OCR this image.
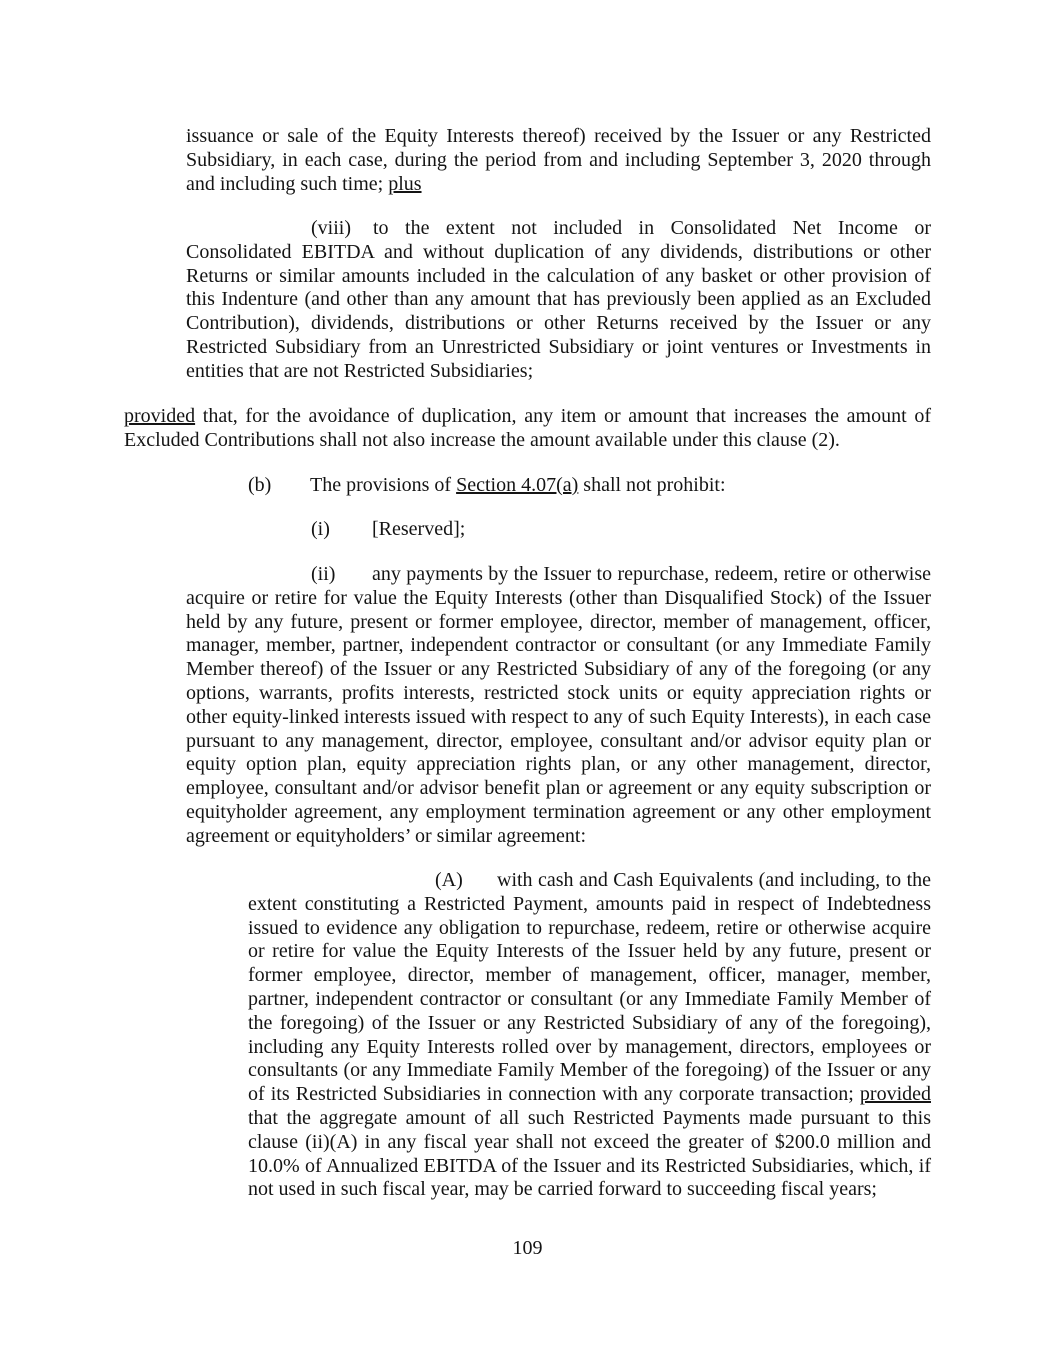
issuance or sale of the Equity Interests thereof) received by the Issuer or any Restricted Subsidiary, in each case, during the period from and including September 3, 2020 through and including such time; plus

(viii) to the extent not included in Consolidated Net Income or Consolidated EBITDA and without duplication of any dividends, distributions or other Returns or similar amounts included in the calculation of any basket or other provision of this Indenture (and other than any amount that has previously been applied as an Excluded Contribution), dividends, distributions or other Returns received by the Issuer or any Restricted Subsidiary from an Unrestricted Subsidiary or joint ventures or Investments in entities that are not Restricted Subsidiaries;

provided that, for the avoidance of duplication, any item or amount that increases the amount of Excluded Contributions shall not also increase the amount available under this clause (2).

(b) The provisions of Section 4.07(a) shall not prohibit:

(i) [Reserved];

(ii) any payments by the Issuer to repurchase, redeem, retire or otherwise acquire or retire for value the Equity Interests (other than Disqualified Stock) of the Issuer held by any future, present or former employee, director, member of management, officer, manager, member, partner, independent contractor or consultant (or any Immediate Family Member thereof) of the Issuer or any Restricted Subsidiary of any of the foregoing (or any options, warrants, profits interests, restricted stock units or equity appreciation rights or other equity-linked interests issued with respect to any of such Equity Interests), in each case pursuant to any management, director, employee, consultant and/or advisor equity plan or equity option plan, equity appreciation rights plan, or any other management, director, employee, consultant and/or advisor benefit plan or agreement or any equity subscription or equityholder agreement, any employment termination agreement or any other employment agreement or equityholders’ or similar agreement:

(A) with cash and Cash Equivalents (and including, to the extent constituting a Restricted Payment, amounts paid in respect of Indebtedness issued to evidence any obligation to repurchase, redeem, retire or otherwise acquire or retire for value the Equity Interests of the Issuer held by any future, present or former employee, director, member of management, officer, manager, member, partner, independent contractor or consultant (or any Immediate Family Member of the foregoing) of the Issuer or any Restricted Subsidiary of any of the foregoing), including any Equity Interests rolled over by management, directors, employees or consultants (or any Immediate Family Member of the foregoing) of the Issuer or any of its Restricted Subsidiaries in connection with any corporate transaction; provided that the aggregate amount of all such Restricted Payments made pursuant to this clause (ii)(A) in any fiscal year shall not exceed the greater of $200.0 million and 10.0% of Annualized EBITDA of the Issuer and its Restricted Subsidiaries, which, if not used in such fiscal year, may be carried forward to succeeding fiscal years;

109
